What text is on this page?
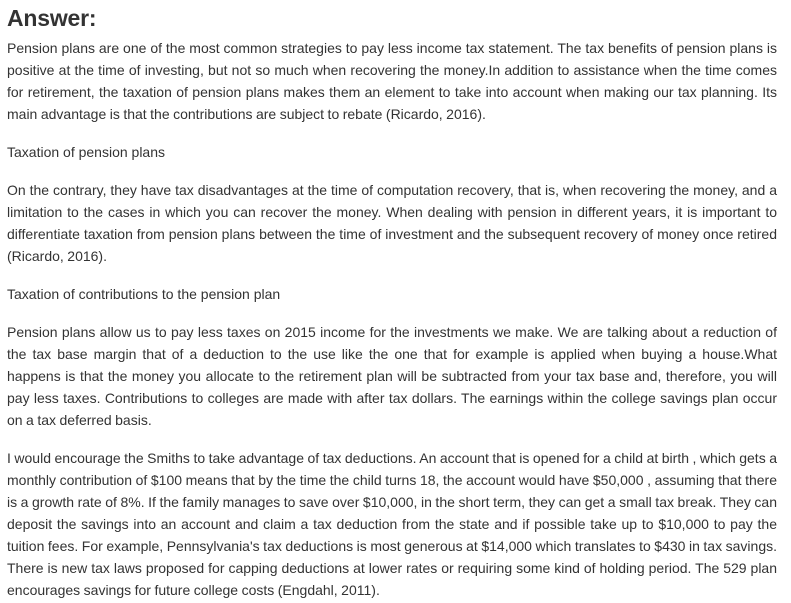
Answer:

Pension plans are one of the most common strategies to pay less income tax statement. The tax benefits of pension plans is positive at the time of investing, but not so much when recovering the money.In addition to assistance when the time comes for retirement, the taxation of pension plans makes them an element to take into account when making our tax planning. Its main advantage is that the contributions are subject to rebate (Ricardo, 2016).

Taxation of pension plans

On the contrary, they have tax disadvantages at the time of computation recovery, that is, when recovering the money, and a limitation to the cases in which you can recover the money. When dealing with pension in different years, it is important to differentiate taxation from pension plans between the time of investment and the subsequent recovery of money once retired (Ricardo, 2016).

Taxation of contributions to the pension plan

Pension plans allow us to pay less taxes on 2015 income for the investments we make. We are talking about a reduction of the tax base margin that of a deduction to the use like the one that for example is applied when buying a house.What happens is that the money you allocate to the retirement plan will be subtracted from your tax base and, therefore, you will pay less taxes. Contributions to colleges are made with after tax dollars. The earnings within the college savings plan occur on a tax deferred basis.

I would encourage the Smiths to take advantage of tax deductions. An account that is opened for a child at birth , which gets a monthly contribution of $100 means that by the time the child turns 18, the account would have $50,000 , assuming that there is a growth rate of 8%. If the family manages to save over $10,000, in the short term, they can get a small tax break. They can deposit the savings into an account and claim a tax deduction from the state and if possible take up to $10,000 to pay the tuition fees. For example, Pennsylvania's tax deductions is most generous at $14,000 which translates to $430 in tax savings. There is new tax laws proposed for capping deductions at lower rates or requiring some kind of holding period. The 529 plan encourages savings for future college costs (Engdahl, 2011).
